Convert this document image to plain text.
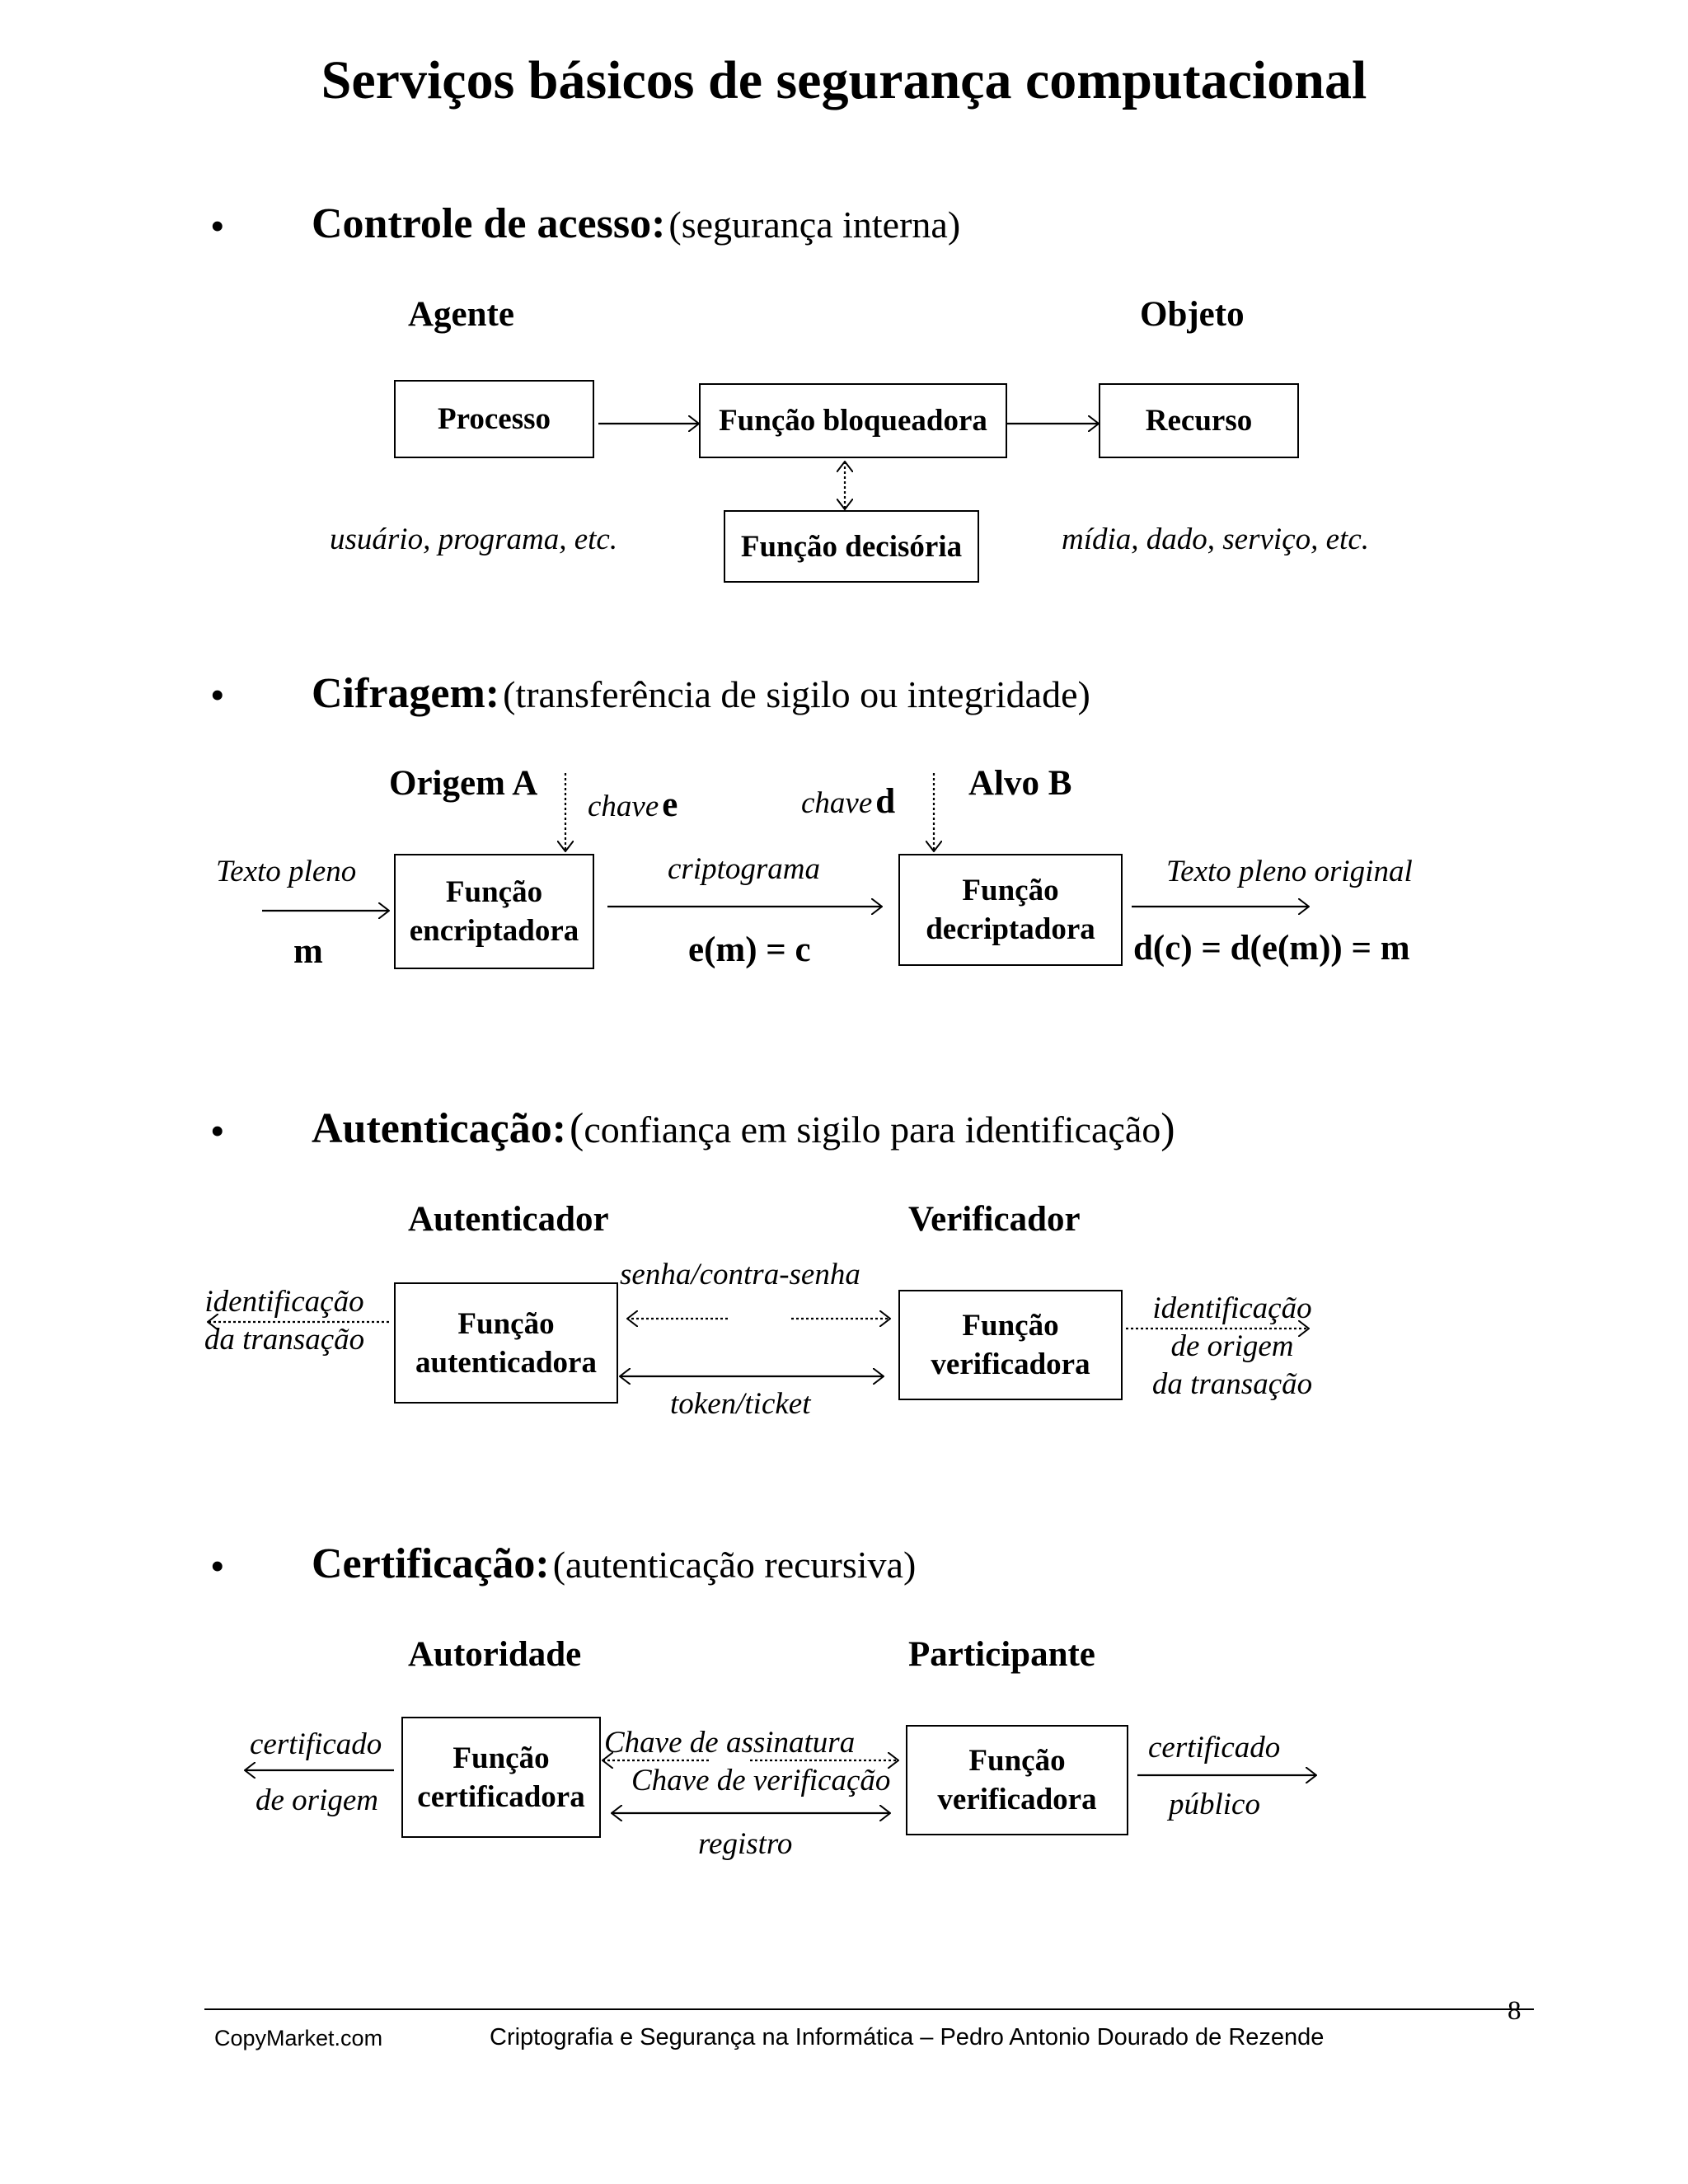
Serviços básicos de segurança computacional
• Controle de acesso: (segurança interna)
Agente	Objeto
Processo	Função bloqueadora	Recurso
Função decisória
usuário, programa, etc.	mídia, dado, serviço, etc.
• Cifragem: (transferência de sigilo ou integridade)
Origem A	Alvo B
chave e	chave d
Texto pleno
m
Função encriptadora
criptograma
e(m) = c
Função decriptadora
Texto pleno original
d(c) = d(e(m)) = m
• Autenticação: (confiança em sigilo para identificação)
Autenticador	Verificador
identificação
da transação	Função autenticadora
senha/contra-senha
token/ticket
Função verificadora
identificação
de origem
da transação
• Certificação: (autenticação recursiva)
Autoridade	Participante
certificado
de origem
Função certificadora
Chave de assinatura
Chave de verificação
registro
Função verificadora
certificado
público
CopyMarket.com	Criptografia e Segurança na Informática – Pedro Antonio Dourado de Rezende
8
